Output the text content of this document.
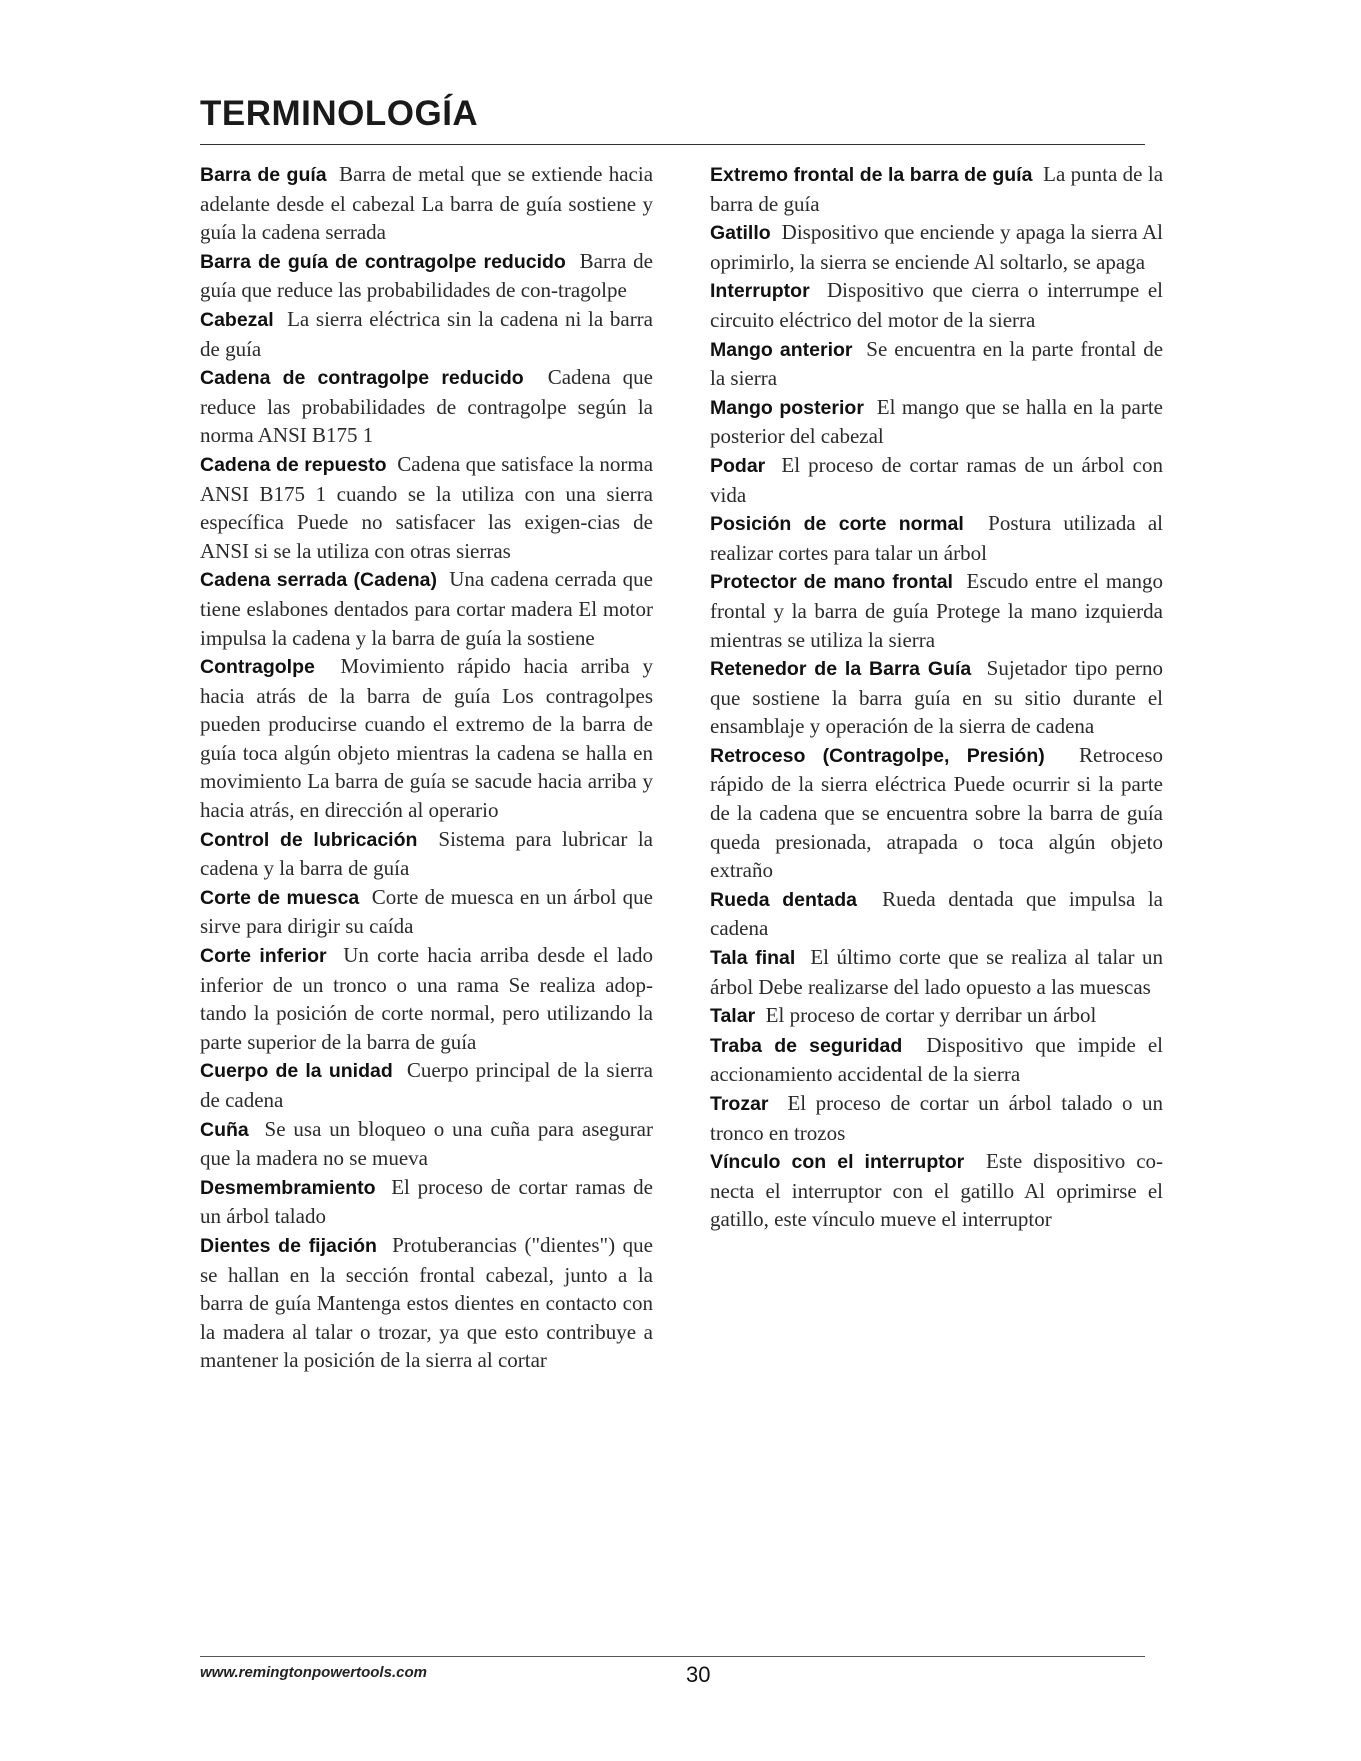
TERMINOLOGÍA

Barra de guía Barra de metal que se extiende hacia adelante desde el cabezal La barra de guía sostiene y guía la cadena serrada

Barra de guía de contragolpe reducido Barra de guía que reduce las probabilidades de con-tragolpe

Cabezal La sierra eléctrica sin la cadena ni la barra de guía

Cadena de contragolpe reducido Cadena que reduce las probabilidades de contragolpe según la norma ANSI B175 1

Cadena de repuesto Cadena que satisface la norma ANSI B175 1 cuando se la utiliza con una sierra específica Puede no satisfacer las exigen-cias de ANSI si se la utiliza con otras sierras

Cadena serrada (Cadena) Una cadena cerrada que tiene eslabones dentados para cortar madera El motor impulsa la cadena y la barra de guía la sostiene

Contragolpe Movimiento rápido hacia arriba y hacia atrás de la barra de guía Los contragolpes pueden producirse cuando el extremo de la barra de guía toca algún objeto mientras la cadena se halla en movimiento La barra de guía se sacude hacia arriba y hacia atrás, en dirección al operario

Control de lubricación Sistema para lubricar la cadena y la barra de guía

Corte de muesca Corte de muesca en un árbol que sirve para dirigir su caída

Corte inferior Un corte hacia arriba desde el lado inferior de un tronco o una rama Se realiza adop-tando la posición de corte normal, pero utilizando la parte superior de la barra de guía

Cuerpo de la unidad Cuerpo principal de la sierra de cadena

Cuña Se usa un bloqueo o una cuña para asegurar que la madera no se mueva

Desmembramiento El proceso de cortar ramas de un árbol talado

Dientes de fijación Protuberancias ("dientes") que se hallan en la sección frontal cabezal, junto a la barra de guía Mantenga estos dientes en contacto con la madera al talar o trozar, ya que esto contribuye a mantener la posición de la sierra al cortar

Extremo frontal de la barra de guía La punta de la barra de guía

Gatillo Dispositivo que enciende y apaga la sierra Al oprimirlo, la sierra se enciende Al soltarlo, se apaga

Interruptor Dispositivo que cierra o interrumpe el circuito eléctrico del motor de la sierra

Mango anterior Se encuentra en la parte frontal de la sierra

Mango posterior El mango que se halla en la parte posterior del cabezal

Podar El proceso de cortar ramas de un árbol con vida

Posición de corte normal Postura utilizada al realizar cortes para talar un árbol

Protector de mano frontal Escudo entre el mango frontal y la barra de guía Protege la mano izquierda mientras se utiliza la sierra

Retenedor de la Barra Guía Sujetador tipo perno que sostiene la barra guía en su sitio durante el ensamblaje y operación de la sierra de cadena

Retroceso (Contragolpe, Presión) Retroceso rápido de la sierra eléctrica Puede ocurrir si la parte de la cadena que se encuentra sobre la barra de guía queda presionada, atrapada o toca algún objeto extraño

Rueda dentada Rueda dentada que impulsa la cadena

Tala final El último corte que se realiza al talar un árbol Debe realizarse del lado opuesto a las muescas

Talar El proceso de cortar y derribar un árbol

Traba de seguridad Dispositivo que impide el accionamiento accidental de la sierra

Trozar El proceso de cortar un árbol talado o un tronco en trozos

Vínculo con el interruptor Este dispositivo co-necta el interruptor con el gatillo Al oprimirse el gatillo, este vínculo mueve el interruptor

www.remingtonpowertools.com	30
